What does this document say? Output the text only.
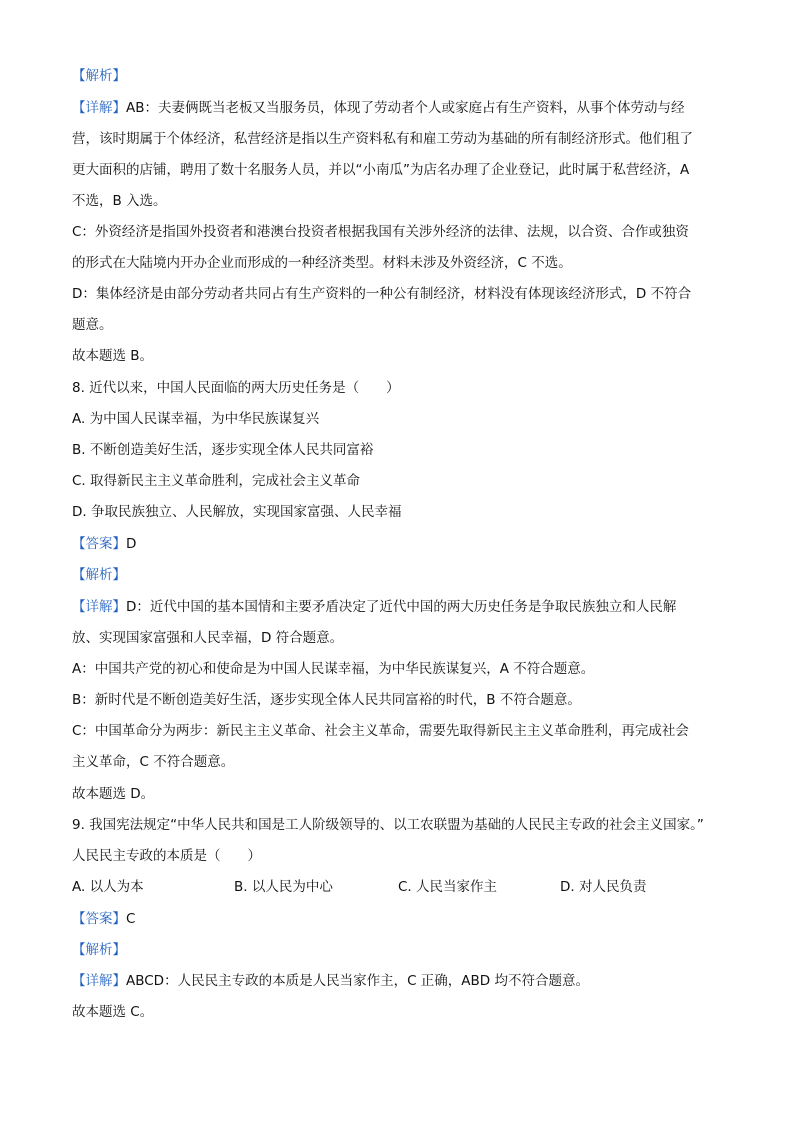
【解析】
【详解】AB：夫妻俩既当老板又当服务员，体现了劳动者个人或家庭占有生产资料，从事个体劳动与经
营，该时期属于个体经济，私营经济是指以生产资料私有和雇工劳动为基础的所有制经济形式。他们租了
更大面积的店铺，聘用了数十名服务人员，并以“小南瓜”为店名办理了企业登记，此时属于私营经济，A
不选，B 入选。
C：外资经济是指国外投资者和港澳台投资者根据我国有关涉外经济的法律、法规，以合资、合作或独资
的形式在大陆境内开办企业而形成的一种经济类型。材料未涉及外资经济，C 不选。
D：集体经济是由部分劳动者共同占有生产资料的一种公有制经济，材料没有体现该经济形式，D 不符合
题意。
故本题选 B。
8. 近代以来，中国人民面临的两大历史任务是（　　）
A. 为中国人民谋幸福，为中华民族谋复兴
B. 不断创造美好生活，逐步实现全体人民共同富裕
C. 取得新民主主义革命胜利，完成社会主义革命
D. 争取民族独立、人民解放，实现国家富强、人民幸福
【答案】D
【解析】
【详解】D：近代中国的基本国情和主要矛盾决定了近代中国的两大历史任务是争取民族独立和人民解
放、实现国家富强和人民幸福，D 符合题意。
A：中国共产党的初心和使命是为中国人民谋幸福，为中华民族谋复兴，A 不符合题意。
B：新时代是不断创造美好生活，逐步实现全体人民共同富裕的时代，B 不符合题意。
C：中国革命分为两步：新民主主义革命、社会主义革命，需要先取得新民主主义革命胜利，再完成社会
主义革命，C 不符合题意。
故本题选 D。
9. 我国宪法规定“中华人民共和国是工人阶级领导的、以工农联盟为基础的人民民主专政的社会主义国家。”
人民民主专政的本质是（　　）
A. 以人为本	B. 以人民为中心	C. 人民当家作主	D. 对人民负责
【答案】C
【解析】
【详解】ABCD：人民民主专政的本质是人民当家作主，C 正确，ABD 均不符合题意。
故本题选 C。
